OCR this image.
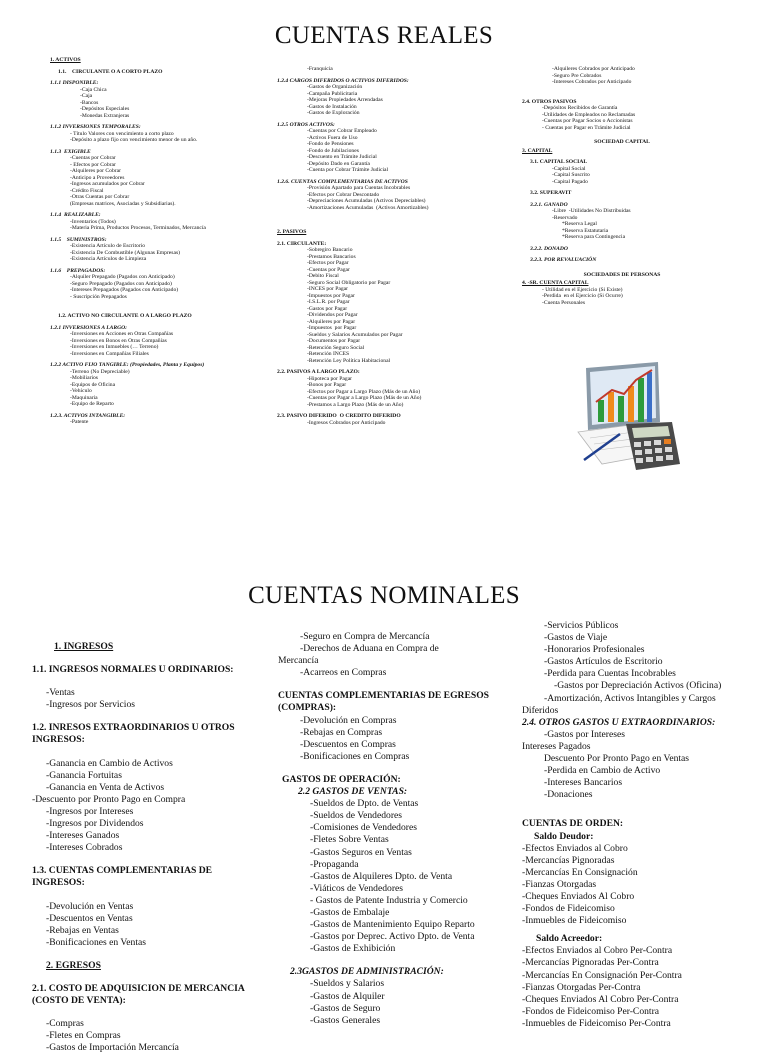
CUENTAS REALES
1. ACTIVOS
1.1.    CIRCULANTE O A CORTO PLAZO
1.1.1 DISPONIBLE:
-Caja Chica
-Caja
-Bancos
-Depósitos Especiales
-Monedas Extranjeras
1.1.2 INVERSIONES TEMPORALES:
- Título Valores con vencimiento a corto plazo
-Depósito a plazo fijo con vencimiento menor de un año.
1.1.3  EXIGIBLE
-Cuentas por Cobrar
- Efectos por Cobrar
-Alquileres por Cobrar
-Anticipo a Proveedores
-Ingresos acumulados por Cobrar
-Crédito Fiscal
-Otras Cuentas por Cobrar
(Empresas matrices, Asociadas y Subsidiarias).
1.1.4  REALIZABLE:
-Inventarios (Todos)
-Materia Prima, Productos Procesos, Terminados, Mercancía
1.1.5    SUMINISTROS:
-Existencia Artículo de Escritorio
-Existencia De Combustible (Algunas Empresas)
-Existencia Artículos de Limpieza
1.1.6    PREPAGADOS:
-Alquiler Prepagado (Pagados con Anticipado)
-Seguro Prepagado (Pagados con Anticipado)
-Intereses Prepagados (Pagados con Anticipado)
- Suscripción Prepagados
1.2. ACTIVO NO CIRCULANTE O A LARGO PLAZO
1.2.1 INVERSIONES A LARGO:
-Inversiones en Acciones en Otras Compañías
-Inversiones en Bonos en Otras Compañías
-Inversiones en Inmuebles (… Terreno)
-Inversiones en Compañías Filiales
1.2.2 ACTIVO FIJO TANGIBLE: (Propiedades, Planta y Equipos)
-Terreno (No Depreciable)
-Mobiliarios
-Equipos de Oficina
-Vehículo
-Maquinaria
-Equipo de Reparto
1.2.3. ACTIVOS INTANGIBLE:
-Patente
-Franquicia
1.2.4 CARGOS DIFERIDOS O ACTIVOS DIFERIDOS:
-Gastos de Organización
-Campaña Publicitaria
-Mejoras Propiedades Arrendadas
-Gastos de Instalación
-Gastos de Exploración
1.2.5 OTROS ACTIVOS:
-Cuentas por Cobrar Empleado
-Activos Fuera de Uso
-Fondo de Pensiones
-Fondo de Jubilaciones
-Descuento en Trámite Judicial
-Depósito Dado en Garantía
-Cuenta por Cobrar Trámite Judicial
1.2.6. CUENTAS COMPLEMENTARIAS DE ACTIVOS
-Provisión Apartado para Cuentas Incobrables
-Efectos por Cobrar Descontado
-Depreciaciones Acumuladas (Activos Depreciables)
-Amortizaciones Acumuladas  (Activos Amortizables)
2. PASIVOS
2.1. CIRCULANTE:
-Sobregiro Bancario
-Prestamos Bancarios
-Efectos por Pagar
-Cuentas por Pagar
-Debito Fiscal
-Seguro Social Obligatorio por Pagar
-INCES por Pagar
-Impuestos por Pagar
-I.S.L.R. por Pagar
-Gastos por Pagar
-Dividendos por Pagar
-Alquileres por Pagar
-Impuestos  por Pagar
-Sueldos y Salarios Acumulados por Pagar
-Documentos por Pagar
-Retención Seguro Social
-Retención INCES
-Retención Ley Política Habitacional
2.2. PASIVOS A LARGO PLAZO:
-Hipoteca por Pagar
-Bonos por Pagar
-Efectos por Pagar a Largo Plazo (Más de un Año)
-Cuentas por Pagar a Largo Plazo (Más de un Año)
-Prestamos a Largo Plazo (Más de un Año)
2.3. PASIVO DIFERIDO  O CREDITO DIFERIDO
-Ingresos Cobrados por Anticipado
-Alquileres Cobrados por Anticipado
-Seguro Pre Cobrados
-Intereses Cobrados por Anticipado
2.4. OTROS PASIVOS
-Depósitos Recibidos de Garantía
-Utilidades de Empleados no Reclamadas
-Cuentas por Pagar Socios o Accionistas
- Cuentas por Pagar en Trámite Judicial
SOCIEDAD CAPITAL
3. CAPITAL
3.1. CAPITAL SOCIAL
-Capital Social
-Capital Suscrito
-Capital Pagado
3.2. SUPERAVIT
3.2.1. GANADO
-Libre  -Utilidades No Distribuidas
-Reservado
*Reserva Legal
*Reserva Estatutaria
*Reserva para Contingencia
3.2.2. DONADO
3.2.3. POR REVALUACIÓN
SOCIEDADES DE PERSONAS
4. -SR. CUENTA CAPITAL
- Utilidad en el Ejercicio (Si Existe)
-Perdida  en el Ejercicio (Si Ocurre)
-Cuenta Personales
CUENTAS NOMINALES
1. INGRESOS
1.1. INGRESOS NORMALES U ORDINARIOS:
-Ventas
-Ingresos por Servicios
1.2. INRESOS EXTRAORDINARIOS U OTROS INGRESOS:
-Ganancia en Cambio de Activos
-Ganancia Fortuitas
-Ganancia en Venta de Activos
-Descuento por Pronto Pago en Compra
-Ingresos por Intereses
-Ingresos por Dividendos
-Intereses Ganados
-Intereses Cobrados
1.3. CUENTAS COMPLEMENTARIAS DE INGRESOS:
-Devolución en Ventas
-Descuentos en Ventas
-Rebajas en Ventas
-Bonificaciones en Ventas
2. EGRESOS
2.1. COSTO DE ADQUISICION DE MERCANCIA (COSTO DE VENTA):
-Compras
-Fletes en Compras
-Gastos de Importación Mercancía
-Seguro en Compra de Mercancía
-Derechos de Aduana en Compra de
Mercancía
-Acarreos en Compras
CUENTAS COMPLEMENTARIAS DE EGRESOS (COMPRAS):
-Devolución en Compras
-Rebajas en Compras
-Descuentos en Compras
-Bonificaciones en Compras
GASTOS DE OPERACIÓN:
2.2 GASTOS DE VENTAS:
-Sueldos de Dpto. de Ventas
-Sueldos de Vendedores
-Comisiones de Vendedores
-Fletes Sobre Ventas
-Gastos Seguros en Ventas
-Propaganda
-Gastos de Alquileres Dpto. de Venta
-Viáticos de Vendedores
- Gastos de Patente Industria y Comercio
-Gastos de Embalaje
-Gastos de Mantenimiento Equipo Reparto
-Gastos por Deprec. Activo Dpto. de Venta
-Gastos de Exhibición
2.3GASTOS DE ADMINISTRACIÓN:
-Sueldos y Salarios
-Gastos de Alquiler
-Gastos de Seguro
-Gastos Generales
-Servicios Públicos
-Gastos de Viaje
-Honorarios Profesionales
-Gastos Artículos de Escritorio
-Perdida para Cuentas Incobrables
-Gastos por Depreciación Activos (Oficina)
-Amortización, Activos Intangibles y Cargos
Diferidos
2.4. OTROS GASTOS U EXTRAORDINARIOS:
-Gastos por Intereses
Intereses Pagados
Descuento Por Pronto Pago en Ventas
-Perdida en Cambio de Activo
-Intereses Bancarios
-Donaciones
CUENTAS DE ORDEN:
Saldo Deudor:
-Efectos Enviados al Cobro
-Mercancías Pignoradas
-Mercancías En Consignación
-Fianzas Otorgadas
-Cheques Enviados Al Cobro
-Fondos de Fideicomiso
-Inmuebles de Fideicomiso
Saldo Acreedor:
-Efectos Enviados al Cobro Per-Contra
-Mercancías Pignoradas Per-Contra
-Mercancías En Consignación Per-Contra
-Fianzas Otorgadas Per-Contra
-Cheques Enviados Al Cobro Per-Contra
-Fondos de Fideicomiso Per-Contra
-Inmuebles de Fideicomiso Per-Contra
